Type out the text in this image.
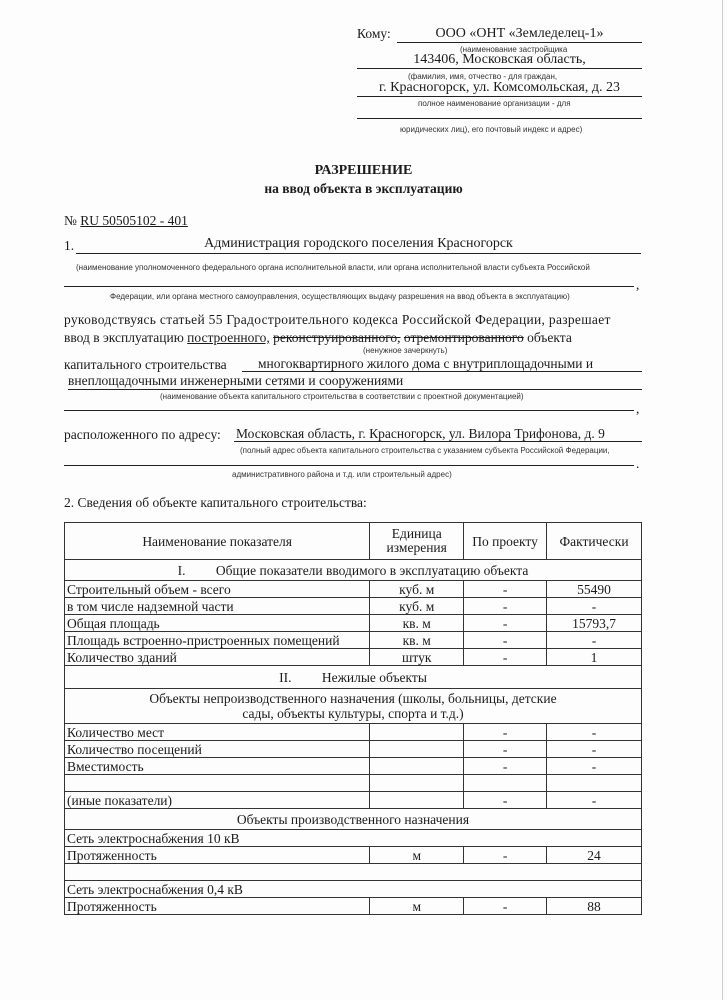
Кому:	ООО «ОНТ «Земледелец-1»
(наименование застройщика
143406, Московская область,
(фамилия, имя, отчество - для граждан,
г. Красногорск, ул. Комсомольская, д. 23
полное наименование организации - для
юридических лиц), его почтовый индекс и адрес)
РАЗРЕШЕНИЕ
на ввод объекта в эксплуатацию
№ RU 50505102 - 401
1.	Администрация городского поселения Красногорск
(наименование уполномоченного федерального органа исполнительной власти, или органа исполнительной власти субъекта Российской
,
Федерации, или органа местного самоуправления, осуществляющих выдачу разрешения на ввод объекта в эксплуатацию)
руководствуясь статьей 55 Градостроительного кодекса Российской Федерации, разрешает
ввод в эксплуатацию построенного, реконструированного, отремонтированного объекта
(ненужное зачеркнуть)
капитального строительства	многоквартирного жилого дома с внутриплощадочными и
внеплощадочными инженерными сетями и сооружениями
(наименование объекта капитального строительства в соответствии с проектной документацией)
,
расположенного по адресу: Московская область, г. Красногорск, ул. Вилора Трифонова, д. 9
(полный адрес объекта капитального строительства с указанием субъекта Российской Федерации,
.
административного района и т.д. или строительный адрес)
2. Сведения об объекте капитального строительства:
Наименование показателя	Единица измерения	По проекту	Фактически
I. Общие показатели вводимого в эксплуатацию объекта			
Строительный объем - всего	куб. м	-	55490
в том числе надземной части	куб. м	-	-
Общая площадь	кв. м	-	15793,7
Площадь встроенно-пристроенных помещений	кв. м	-	-
Количество зданий	штук	-	1
II. Нежилые объекты			
Объекты непроизводственного назначения (школы, больницы, детские сады, объекты культуры, спорта и т.д.)			
Количество мест		-	-
Количество посещений		-	-
Вместимость		-	-

(иные показатели)		-	-
Объекты производственного назначения			
Сеть электроснабжения 10 кВ			
Протяженность	м	-	24

Сеть электроснабжения 0,4 кВ			
Протяженность	м	-	88
